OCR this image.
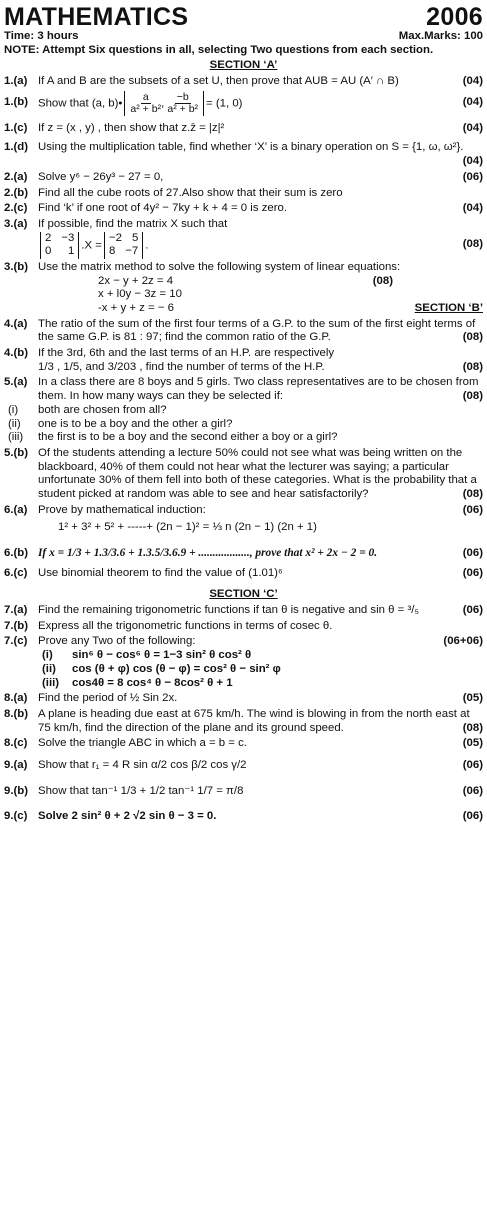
MATHEMATICS	2006
Time: 3 hours	Max.Marks: 100
NOTE: Attempt Six questions in all, selecting Two questions from each section.
SECTION ‘A’
1.(a) If A and B are the subsets of a set U, then prove that AUB = AU (A′ ∩ B)	(04)
1.(b) Show that (a, b)• $\frac{a}{\text{a² + b²}}$ , $\frac{-b}{\text{a² + b²}} = (1$, 0)	(04)
1.(c) If z = (x , y) , then show that z.z̄ = |z|²	(04)
1.(d) Using the multiplication table, find whether ‘X’ is a binary operation on S = {1, ω, ω²}.
(04)
2.(a) Solve y⁶ − 26y³ − 27 = 0,	(06)
2.(b) Find all the cube roots of 27.Also show that their sum is zero
2.(c) Find ‘k’ if one root of 4y² − 7ky + k + 4 = 0 is zero.	(04)
3.(a) If possible, find the matrix X such that
2 −3
0 1 .X =
−2 5
8 −7 .	(08)
3.(b) Use the matrix method to solve the following system of linear equations:
2x − y + 2z = 4	(08)
x + l0y − 3z = 10
-x + y + z = − 6	SECTION ‘B’
4.(a) The ratio of the sum of the first four terms of a G.P. to the sum of the first eight terms of the same G.P. is 81 : 97; find the common ratio of the G.P.	(08)
4.(b) If the 3rd, 6th and the last terms of an H.P. are respectively
1/3 , 1/5, and 3/203 , find the number of terms of the H.P.	(08)
5.(a) In a class there are 8 boys and 5 girls. Two class representatives are to be chosen from them. In how many ways can they be selected if:	(08)
(i)	both are chosen from all?
(ii)	one is to be a boy and the other a girl?
(iii)	the first is to be a boy and the second either a boy or a girl?
5.(b) Of the students attending a lecture 50% could not see what was being written on the blackboard, 40% of them could not hear what the lecturer was saying; a particular unfortunate 30% of them fell into both of these categories. What is the probability that a student picked at random was able to see and hear satisfactorily?	(08)
6.(a) Prove by mathematical induction:	(06)
1² + 3² + 5² + -----+ (2n − 1)² = ⅓ n (2n − 1) (2n + 1)
6.(b) If x = 1/3 + 1.3/3.6 + 1.3.5/3.6.9 + .................., prove that x² + 2x − 2 = 0.	(06)
6.(c) Use binomial theorem to find the value of (1.01)⁶	(06)
SECTION ‘C’
7.(a) Find the remaining trigonometric functions if tan θ is negative and sin θ = ³/₅	(06)
7.(b) Express all the trigonometric functions in terms of cosec θ.
7.(c) Prove any Two of the following:	(06+06)
(i)	sin⁶ θ − cos⁶ θ = 1−3 sin² θ cos² θ
(ii)	cos (θ + φ) cos (θ − φ) = cos² θ − sin² φ
(iii)	cos4θ = 8 cos⁴ θ − 8cos² θ + 1
8.(a) Find the period of ½ Sin 2x.	(05)
8.(b) A plane is heading due east at 675 km/h. The wind is blowing in from the north east at 75 km/h, find the direction of the plane and its ground speed.	(08)
8.(c) Solve the triangle ABC in which a = b = c.	(05)
9.(a) Show that r₁ = 4 R sin α/2 cos β/2 cos γ/2	(06)
9.(b) Show that tan⁻¹ 1/3 + 1/2 tan⁻¹ 1/7 = π/8	(06)
9.(c) Solve 2 sin² θ + 2 √2 sin θ − 3 = 0.	(06)
